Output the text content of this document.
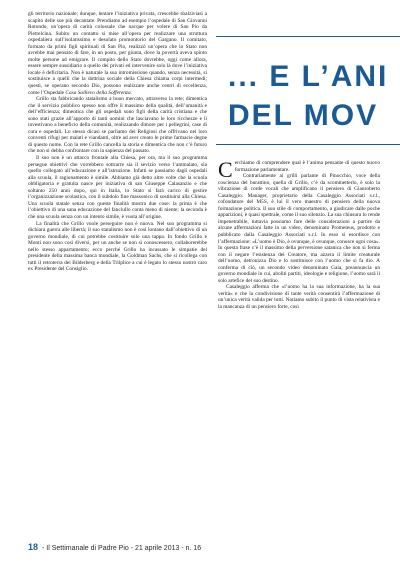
... E L’ANI
DEL MOV

gli territorio nazionale; dunque, lentare l’iniziativa privata, crescebbe sbalziviasi a scapito delle sue più decantate. Prendiamo ad esempio l’ospedale di San Giovanni Rotondo, un’opera di carità colossale che nacque per volere di San Pio da Pietrelcina. Subito un contatto si mise all’opera per realizzare una struttura ospedaliera sull’isolatissimo e desolato promontorio del Gargano. Il comitato, formato da primi figli spirituali di San Pio, realizzò un’opera che lo Stato non avrebbe mai pensato di fare, in un posto, per giunta, dove la povertà aveva spinto molte persone ad emigrare. Il compito dello Stato dovrebbe, oggi come allora, essere sempre sussidiario a quello dei privati ed intervenire solo là dove l’iniziativa locale è deficitaria. Non è naturale la sua intromissione quando, senza necessità, si sostituisce a quelli che la dottrina sociale della Chiesa chiama corpi intermedi; questi, se operano secondo Dio, possono realizzare anche centri di eccellenza, come l’Ospedale Casa Sollievo della Sofferenza.

Grillo sta fabbricando statalismo a buon mercato, attraverso la rete; dimentica che il servizio pubblico spesso non offre il massimo della qualità, dell’umanità e dell’efficienza; dimentica che gli ospedali sono figli della carità cristiana e che sono stati grazie all’apporto di tanti uomini che lasciavano le loro ricchezze e li investivano a beneficio della comunità, realizzando dimore per i pellegrini, case di cura e ospedali. Lo stesso dicasi se parliamo dei Religiosi che offrivano nei loro conventi rifugi per malati e viandanti, oltre ad aver creato le prime farmacie degne di questo nome. Con la rete Grillo cancella la storia e dimentica che non c’è futuro che non si debba confrontare con la sapienza del passato.

Il suo non è un attacco frontale alla Chiesa, per ora, ma il suo programma persegue obiettivi che vorrebbero sottrarre sia il sevizio verso l’ammalato, sia quello collegato all’educazione e all’istruzione. Infatti se passiamo dagli ospedali alla scuola, il ragionamento è simile. Abbiamo già detto altre volte che la scuola obbligatoria e gratuita nasce per iniziativa di san Giuseppe Calasanzio e che soltanto 250 anni dopo, qui in Italia, lo Stato si farà carico di gestire l’organizzazione scolastica, con il subdolo fine massonico di sostituirsi alla Chiesa. Una scuola statale senza con queste finalità mostra due cose: la prima è che l’obiettivo di una sana educazione del fanciullo conta meno di niente; la seconda è che una scuola senza con un intento simile, è vuota all’origine.

La finalità che Grillo vuole perseguire non è nuova. Nel suo programma si dichiara guerra alle libertà; il suo statalismo non è così lontano dall’obiettivo di un governo mondiale, di cui potrebbe costituire solo una tappa. In fondo Grillo e Monti non sono così diversi, per un anche se non si conoscessero, collaborerebbe nello stesso appartamento; ecco perché Grillo ha incassato le simpatie del presidente della massima banca mondiale, la Goldman Sachs, che si ricollega con tutti il retroterra dei Bilderberg e della Trilplice a cui è legato lo stesso nostro caro ex Presidente del Consiglio.

Cerchiamo di comprendere qual è l’anima pensante di questo nuovo formazione parlamentare.

Contrariamente ai grilli parlante di Pinocchio, voce della coscienza del burattino, quella di Grillo, c’è da scommetterlo, è solo la vibrazione di corde vocali che amplificano il pensiero di Gianroberto Casaleggio. Manager, proprietario della Casaleggio Associati s.r.l., cofondatore del M5S, è lui il vero maestro di pensiero della nuova formazione politica. Il suo stile di comportamento, a giudicare dalle poche apparizioni, è quasi spettrale, come il suo silenzio. La sua chiusura lo rende impenetrabile, tuttavia possiamo fare delle considerazioni a partire da alcune affermazioni fatte in un video, denominato Prometeus, prodotto e pubblicato dalla Casaleggio Associati s.r.l. In esso si esordisce con l’affermazione: «L’uomo è Dio, è ovunque, è ovunque, conosce ogni cosa». In questa frase c’è il massimo della perversione satanica che non si ferma con il negare l’esistenza del Creatore, ma azzera il limite creaturale dell’uomo, detronizza Dio e lo sostituisce con l’uomo che si fa dio. A conferma di ciò, un secondo video denominato Gaia, preannuncia un governo mondiale in cui, aboliti partiti, ideologie e religione, l’uomo sarà il solo artefice del suo destino.

Casaleggio afferma che «l’uomo ha la sua informazione, ha la sua verità» e che la condivisione di tante verità consentirà l’affermazione di un’unica verità valida per tutti. Notiamo subito il punto di vista relativista e la mancanza di un pensiero forte, così

18 - Il Settimanale di Padre Pio - 21 aprile 2013 - n. 16
